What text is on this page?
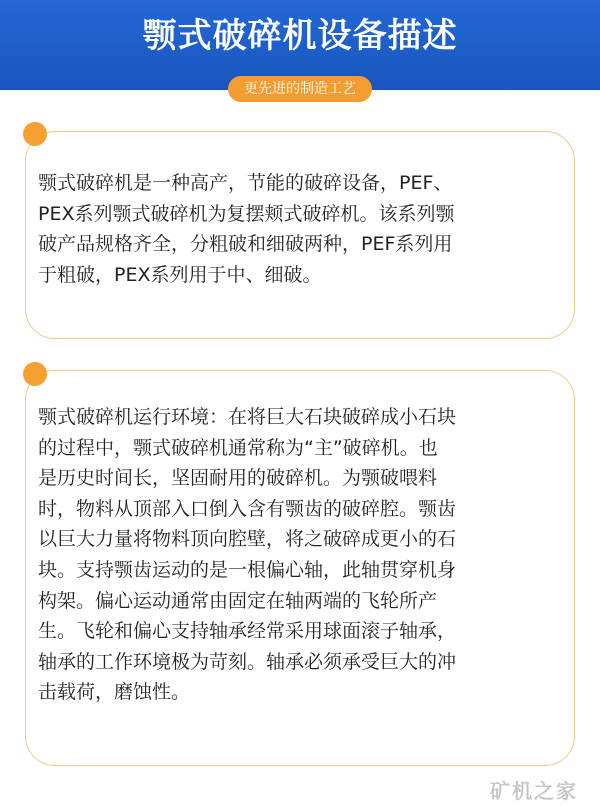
颚式破碎机设备描述
更先进的制造工艺
颚式破碎机是一种高产，节能的破碎设备，PEF、
PEX系列颚式破碎机为复摆颊式破碎机。该系列颚
破产品规格齐全，分粗破和细破两种，PEF系列用
于粗破，PEX系列用于中、细破。
颚式破碎机运行环境：在将巨大石块破碎成小石块
的过程中，颚式破碎机通常称为“主”破碎机。也
是历史时间长，坚固耐用的破碎机。为颚破喂料
时，物料从顶部入口倒入含有颚齿的破碎腔。颚齿
以巨大力量将物料顶向腔壁，将之破碎成更小的石
块。支持颚齿运动的是一根偏心轴，此轴贯穿机身
构架。偏心运动通常由固定在轴两端的飞轮所产
生。飞轮和偏心支持轴承经常采用球面滚子轴承，
轴承的工作环境极为苛刻。轴承必须承受巨大的冲
击载荷，磨蚀性。
矿机之家
